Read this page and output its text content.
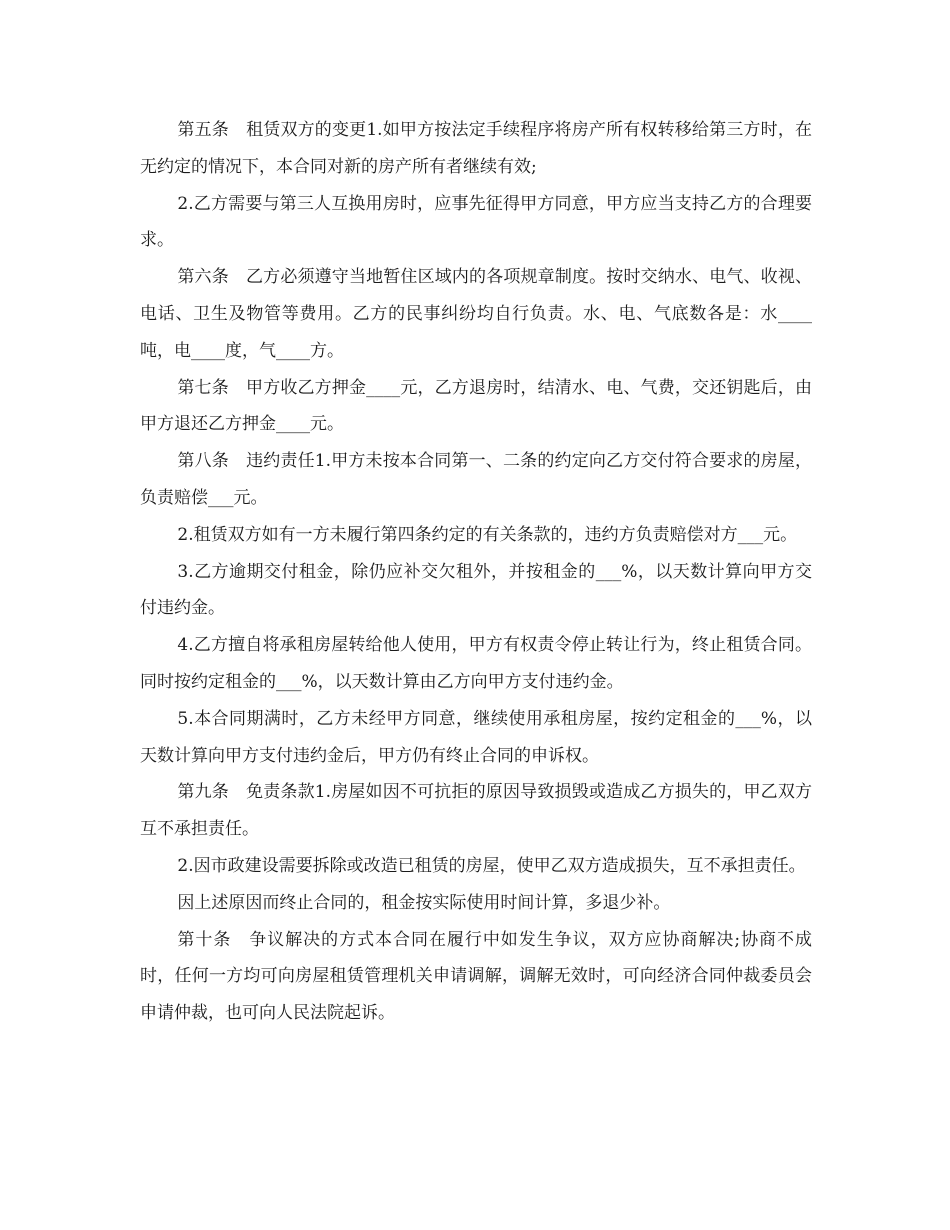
第五条　租赁双方的变更1.如甲方按法定手续程序将房产所有权转移给第三方时，在无约定的情况下，本合同对新的房产所有者继续有效;

2.乙方需要与第三人互换用房时，应事先征得甲方同意，甲方应当支持乙方的合理要求。

第六条　乙方必须遵守当地暂住区域内的各项规章制度。按时交纳水、电气、收视、电话、卫生及物管等费用。乙方的民事纠纷均自行负责。水、电、气底数各是：水____吨，电____度，气____方。

第七条　甲方收乙方押金____元，乙方退房时，结清水、电、气费，交还钥匙后，由甲方退还乙方押金____元。

第八条　违约责任1.甲方未按本合同第一、二条的约定向乙方交付符合要求的房屋，负责赔偿___元。

2.租赁双方如有一方未履行第四条约定的有关条款的，违约方负责赔偿对方___元。

3.乙方逾期交付租金，除仍应补交欠租外，并按租金的___%，以天数计算向甲方交付违约金。

4.乙方擅自将承租房屋转给他人使用，甲方有权责令停止转让行为，终止租赁合同。同时按约定租金的___%，以天数计算由乙方向甲方支付违约金。

5.本合同期满时，乙方未经甲方同意，继续使用承租房屋，按约定租金的___%，以天数计算向甲方支付违约金后，甲方仍有终止合同的申诉权。

第九条　免责条款1.房屋如因不可抗拒的原因导致损毁或造成乙方损失的，甲乙双方互不承担责任。

2.因市政建设需要拆除或改造已租赁的房屋，使甲乙双方造成损失，互不承担责任。

因上述原因而终止合同的，租金按实际使用时间计算，多退少补。

第十条　争议解决的方式本合同在履行中如发生争议，双方应协商解决;协商不成时，任何一方均可向房屋租赁管理机关申请调解，调解无效时，可向经济合同仲裁委员会申请仲裁，也可向人民法院起诉。
